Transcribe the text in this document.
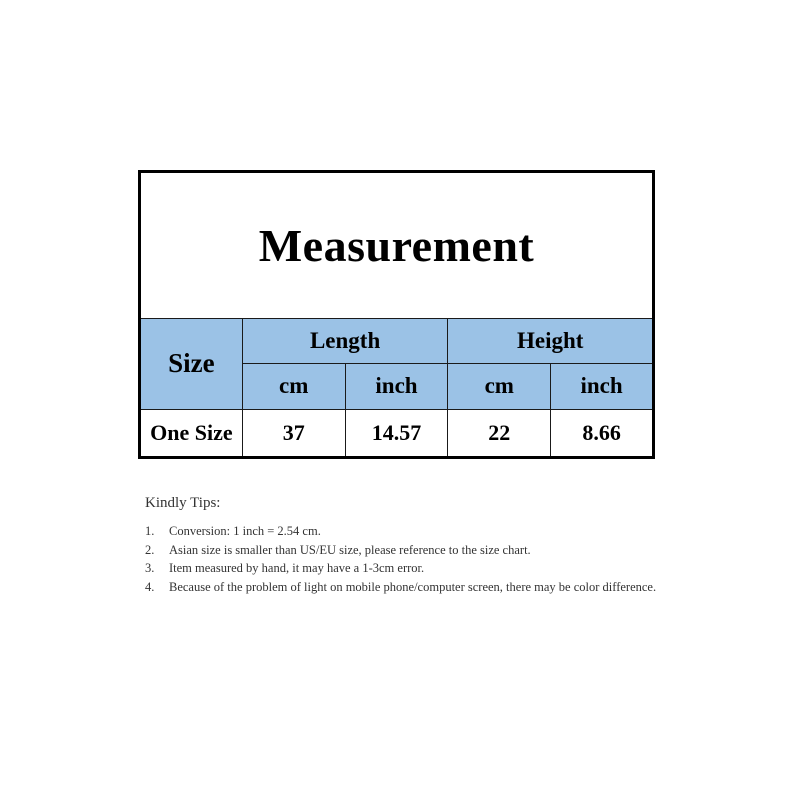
Measurement				
Size	Length		Height	
	cm	inch	cm	inch
One Size	37	14.57	22	8.66
Kindly Tips:
1.	Conversion: 1 inch = 2.54 cm.
2.	Asian size is smaller than US/EU size, please reference to the size chart.
3.	Item measured by hand, it may have a 1-3cm error.
4.	Because of the problem of light on mobile phone/computer screen, there may be color difference.
